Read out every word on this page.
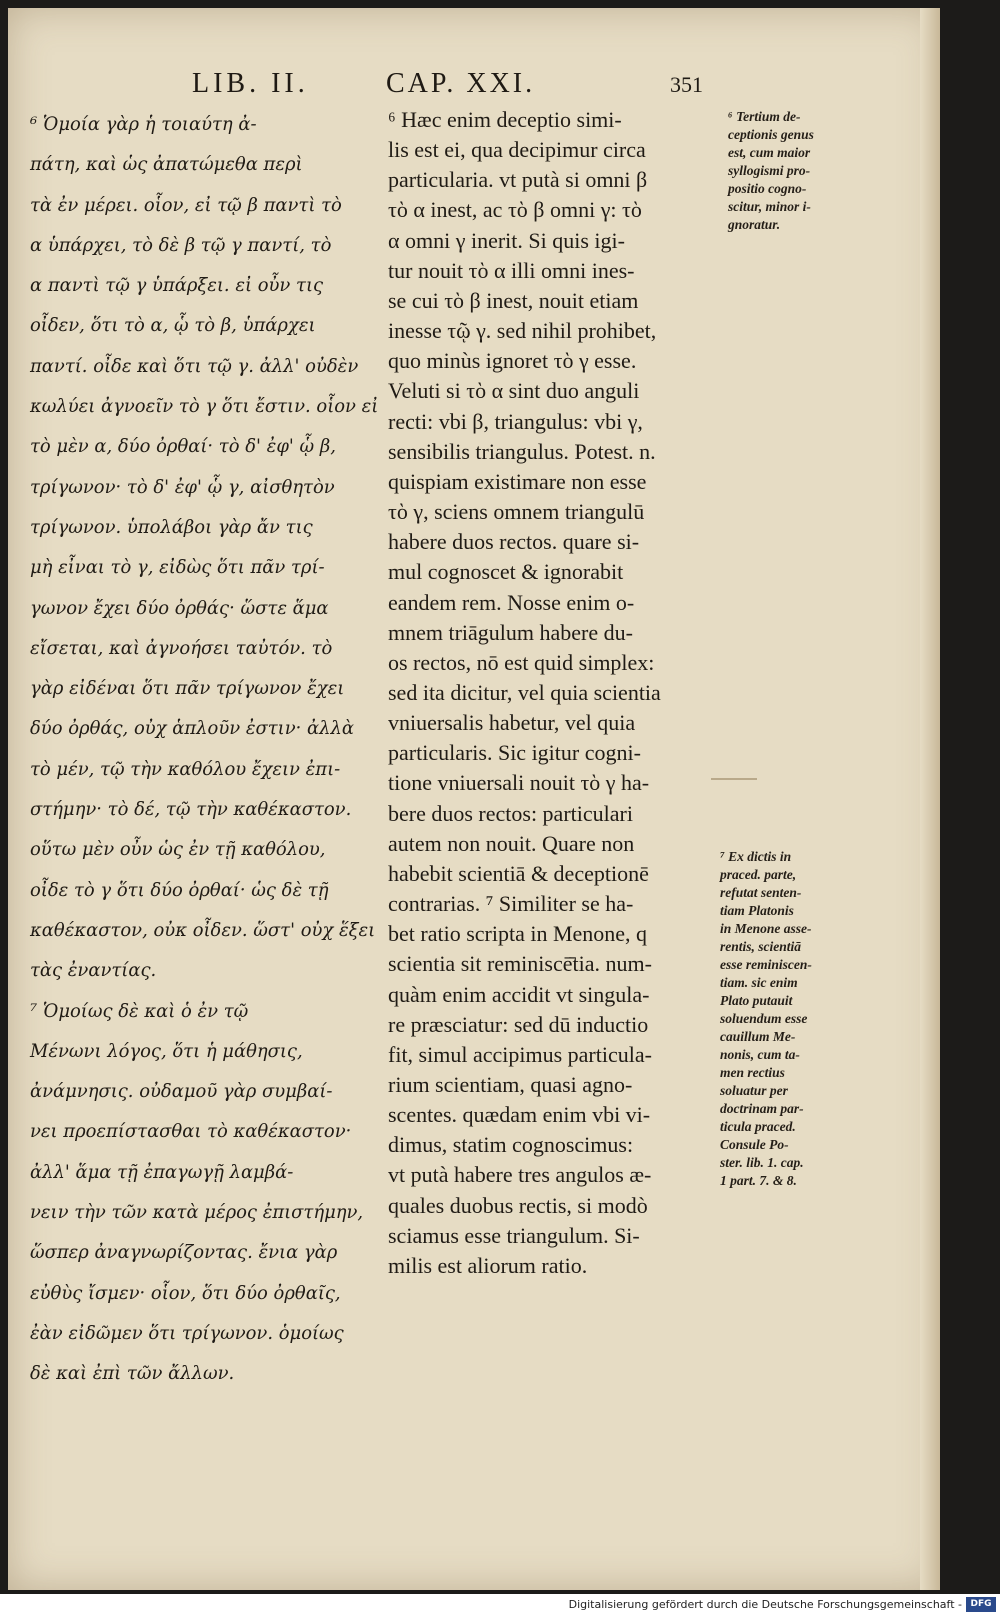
LIB. II.	CAP. XXI.	351
⁶ Ὁμοία γὰρ ἡ τοιαύτη ἀ-
πάτη, καὶ ὡς ἀπατώμεθα περὶ
τὰ ἐν μέρει. οἷον, εἰ τῷ β παντὶ τὸ
α ὑπάρχει, τὸ δὲ β τῷ γ παντί, τὸ
α παντὶ τῷ γ ὑπάρξει. εἰ οὖν τις
οἶδεν, ὅτι τὸ α, ᾧ τὸ β, ὑπάρχει
παντί. οἶδε καὶ ὅτι τῷ γ. ἀλλ' οὐδὲν
κωλύει ἀγνοεῖν τὸ γ ὅτι ἔστιν. οἷον εἰ
τὸ μὲν α, δύο ὀρθαί· τὸ δ' ἐφ' ᾧ β,
τρίγωνον· τὸ δ' ἐφ' ᾧ γ, αἰσθητὸν
τρίγωνον. ὑπολάβοι γὰρ ἄν τις
μὴ εἶναι τὸ γ, εἰδὼς ὅτι πᾶν τρί-
γωνον ἔχει δύο ὀρθάς· ὥστε ἅμα
εἴσεται, καὶ ἀγνοήσει ταὐτόν. τὸ
γὰρ εἰδέναι ὅτι πᾶν τρίγωνον ἔχει
δύο ὀρθάς, οὐχ ἁπλοῦν ἐστιν· ἀλλὰ
τὸ μέν, τῷ τὴν καθόλου ἔχειν ἐπι-
στήμην· τὸ δέ, τῷ τὴν καθέκαστον.
οὕτω μὲν οὖν ὡς ἐν τῇ καθόλου,
οἶδε τὸ γ ὅτι δύο ὀρθαί· ὡς δὲ τῇ
καθέκαστον, οὐκ οἶδεν. ὥστ' οὐχ ἕξει
τὰς ἐναντίας.
⁷ Ὁμοίως δὲ καὶ ὁ ἐν τῷ
Μένωνι λόγος, ὅτι ἡ μάθησις,
ἀνάμνησις. οὐδαμοῦ γὰρ συμβαί-
νει προεπίστασθαι τὸ καθέκαστον·
ἀλλ' ἅμα τῇ ἐπαγωγῇ λαμβά-
νειν τὴν τῶν κατὰ μέρος ἐπιστήμην,
ὥσπερ ἀναγνωρίζοντας. ἔνια γὰρ
εὐθὺς ἴσμεν· οἷον, ὅτι δύο ὀρθαῖς,
ἐὰν εἰδῶμεν ὅτι τρίγωνον. ὁμοίως
δὲ καὶ ἐπὶ τῶν ἄλλων.
⁶ Hæc enim deceptio simi-
lis est ei, qua decipimur circa
particularia. vt putà si omni β
τὸ α inest, ac τὸ β omni γ: τὸ
α omni γ inerit. Si quis igi-
tur nouit τὸ α illi omni ines-
se cui τὸ β inest, nouit etiam
inesse τῷ γ. sed nihil prohibet,
quo minùs ignoret τὸ γ esse.
Veluti si τὸ α sint duo anguli
recti: vbi β, triangulus: vbi γ,
sensibilis triangulus. Potest. n.
quispiam existimare non esse
τὸ γ, sciens omnem triangulū
habere duos rectos. quare si-
mul cognoscet & ignorabit
eandem rem. Nosse enim o-
mnem triāgulum habere du-
os rectos, nō est quid simplex:
sed ita dicitur, vel quia scientia
vniuersalis habetur, vel quia
particularis. Sic igitur cogni-
tione vniuersali nouit τὸ γ ha-
bere duos rectos: particulari
autem non nouit. Quare non
habebit scientiā & deceptionē
contrarias. ⁷ Similiter se ha-
bet ratio scripta in Menone, q
scientia sit reminiscē̄tia. num-
quàm enim accidit vt singula-
re præsciatur: sed dū inductio
fit, simul accipimus particula-
rium scientiam, quasi agno-
scentes. quædam enim vbi vi-
dimus, statim cognoscimus:
vt putà habere tres angulos æ-
quales duobus rectis, si modò
sciamus esse triangulum. Si-
milis est aliorum ratio.
⁶ Tertium de-
ceptionis genus
est, cum maior
syllogismi pro-
positio cogno-
scitur, minor i-
gnoratur.
⁷ Ex dictis in
praced. parte,
refutat senten-
tiam Platonis
in Menone asse-
rentis, scientiā
esse reminiscen-
tiam. sic enim
Plato putauit
soluendum esse
cauillum Me-
nonis, cum ta-
men rectius
soluatur per
doctrinam par-
ticula praced.
Consule Po-
ster. lib. 1. cap.
1 part. 7. & 8.
Digitalisierung gefördert durch die Deutsche Forschungsgemeinschaft - DFG
